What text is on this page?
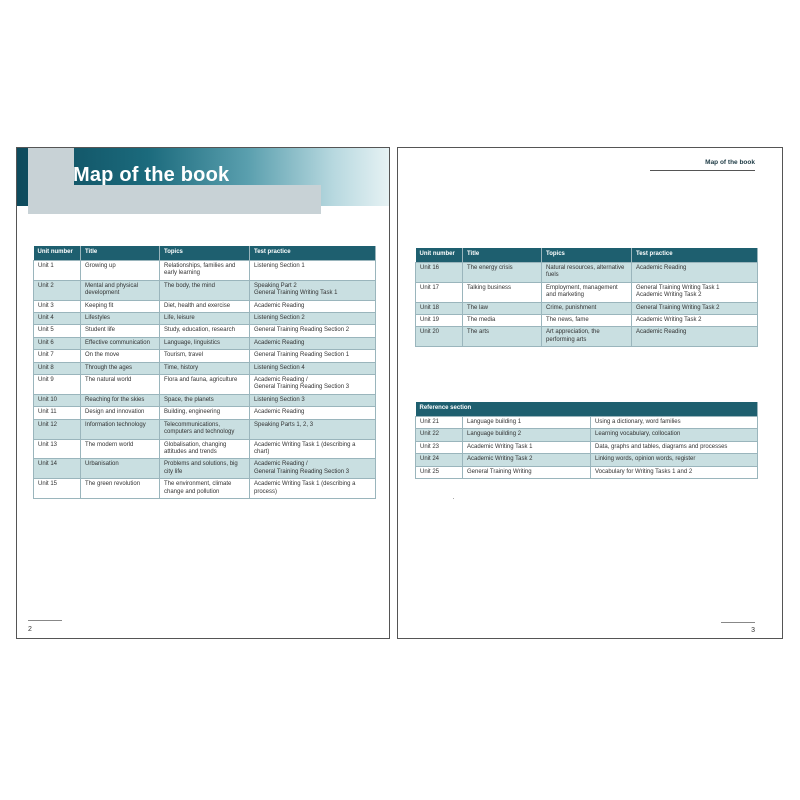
Map of the book
Unit number	Title	Topics	Test practice
Unit 1	Growing up	Relationships, families and early learning	Listening Section 1
Unit 2	Mental and physical development	The body, the mind	Speaking Part 2
General Training Writing Task 1
Unit 3	Keeping fit	Diet, health and exercise	Academic Reading
Unit 4	Lifestyles	Life, leisure	Listening Section 2
Unit 5	Student life	Study, education, research	General Training Reading Section 2
Unit 6	Effective communication	Language, linguistics	Academic Reading
Unit 7	On the move	Tourism, travel	General Training Reading Section 1
Unit 8	Through the ages	Time, history	Listening Section 4
Unit 9	The natural world	Flora and fauna, agriculture	Academic Reading /
General Training Reading Section 3
Unit 10	Reaching for the skies	Space, the planets	Listening Section 3
Unit 11	Design and innovation	Building, engineering	Academic Reading
Unit 12	Information technology	Telecommunications, computers and technology	Speaking Parts 1, 2, 3
Unit 13	The modern world	Globalisation, changing attitudes and trends	Academic Writing Task 1 (describing a chart)
Unit 14	Urbanisation	Problems and solutions, big city life	Academic Reading /
General Training Reading Section 3
Unit 15	The green revolution	The environment, climate change and pollution	Academic Writing Task 1 (describing a process)
2
Map of the book
Unit number	Title	Topics	Test practice
Unit 16	The energy crisis	Natural resources, alternative fuels	Academic Reading
Unit 17	Talking business	Employment, management and marketing	General Training Writing Task 1
Academic Writing Task 2
Unit 18	The law	Crime, punishment	General Training Writing Task 2
Unit 19	The media	The news, fame	Academic Writing Task 2
Unit 20	The arts	Art appreciation, the performing arts	Academic Reading
Reference section		
Unit 21	Language building 1	Using a dictionary, word families
Unit 22	Language building 2	Learning vocabulary, collocation
Unit 23	Academic Writing Task 1	Data, graphs and tables, diagrams and processes
Unit 24	Academic Writing Task 2	Linking words, opinion words, register
Unit 25	General Training Writing	Vocabulary for Writing Tasks 1 and 2
3
